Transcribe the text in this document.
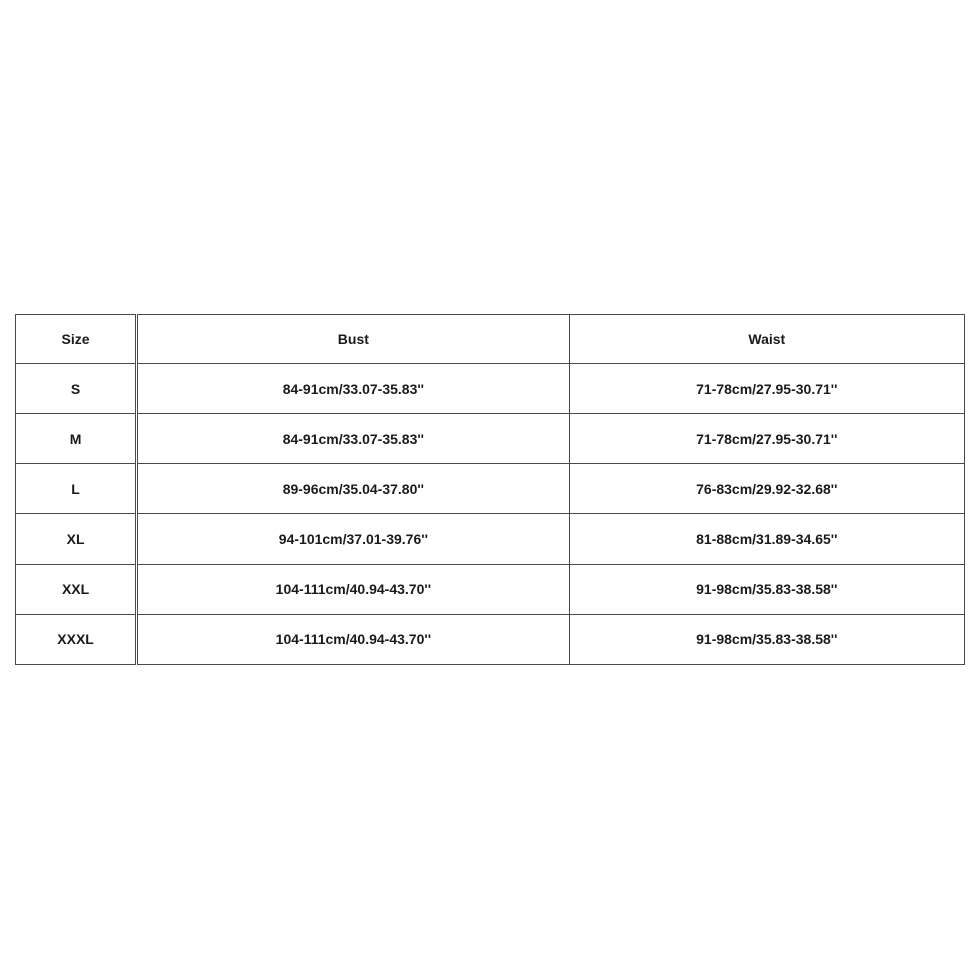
Size	Bust	Waist
S	84-91cm/33.07-35.83''	71-78cm/27.95-30.71''
M	84-91cm/33.07-35.83''	71-78cm/27.95-30.71''
L	89-96cm/35.04-37.80''	76-83cm/29.92-32.68''
XL	94-101cm/37.01-39.76''	81-88cm/31.89-34.65''
XXL	104-111cm/40.94-43.70''	91-98cm/35.83-38.58''
XXXL	104-111cm/40.94-43.70''	91-98cm/35.83-38.58''
